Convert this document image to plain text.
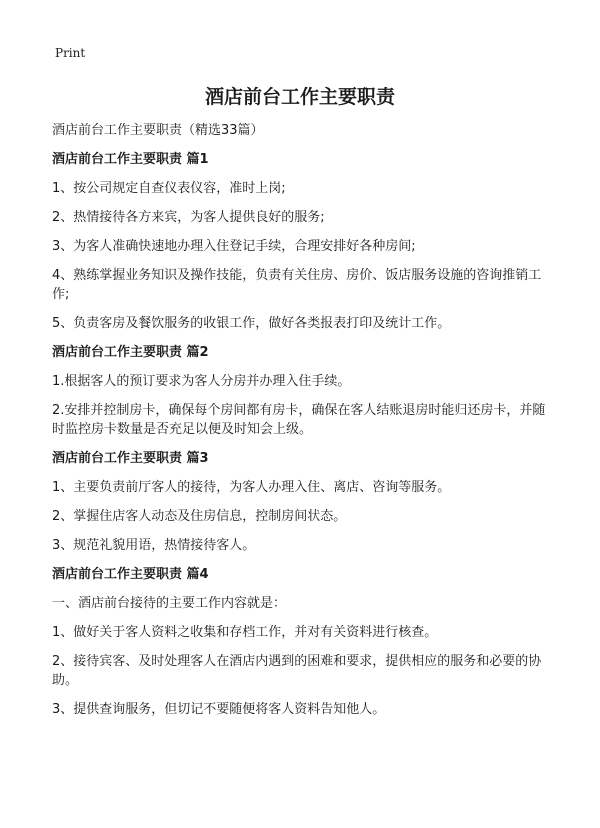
Print
酒店前台工作主要职责

酒店前台工作主要职责（精选33篇）

酒店前台工作主要职责 篇1

1、按公司规定自查仪表仪容，准时上岗;

2、热情接待各方来宾，为客人提供良好的服务;

3、为客人准确快速地办理入住登记手续，合理安排好各种房间;

4、熟练掌握业务知识及操作技能，负责有关住房、房价、饭店服务设施的咨询推销工作;

5、负责客房及餐饮服务的收银工作，做好各类报表打印及统计工作。

酒店前台工作主要职责 篇2

1.根据客人的预订要求为客人分房并办理入住手续。

2.安排并控制房卡，确保每个房间都有房卡，确保在客人结账退房时能归还房卡，并随时监控房卡数量是否充足以便及时知会上级。

酒店前台工作主要职责 篇3

1、主要负责前厅客人的接待，为客人办理入住、离店、咨询等服务。

2、掌握住店客人动态及住房信息，控制房间状态。

3、规范礼貌用语，热情接待客人。

酒店前台工作主要职责 篇4

一、酒店前台接待的主要工作内容就是：

1、做好关于客人资料之收集和存档工作，并对有关资料进行核查。

2、接待宾客、及时处理客人在酒店内遇到的困难和要求，提供相应的服务和必要的协助。

3、提供查询服务，但切记不要随便将客人资料告知他人。
